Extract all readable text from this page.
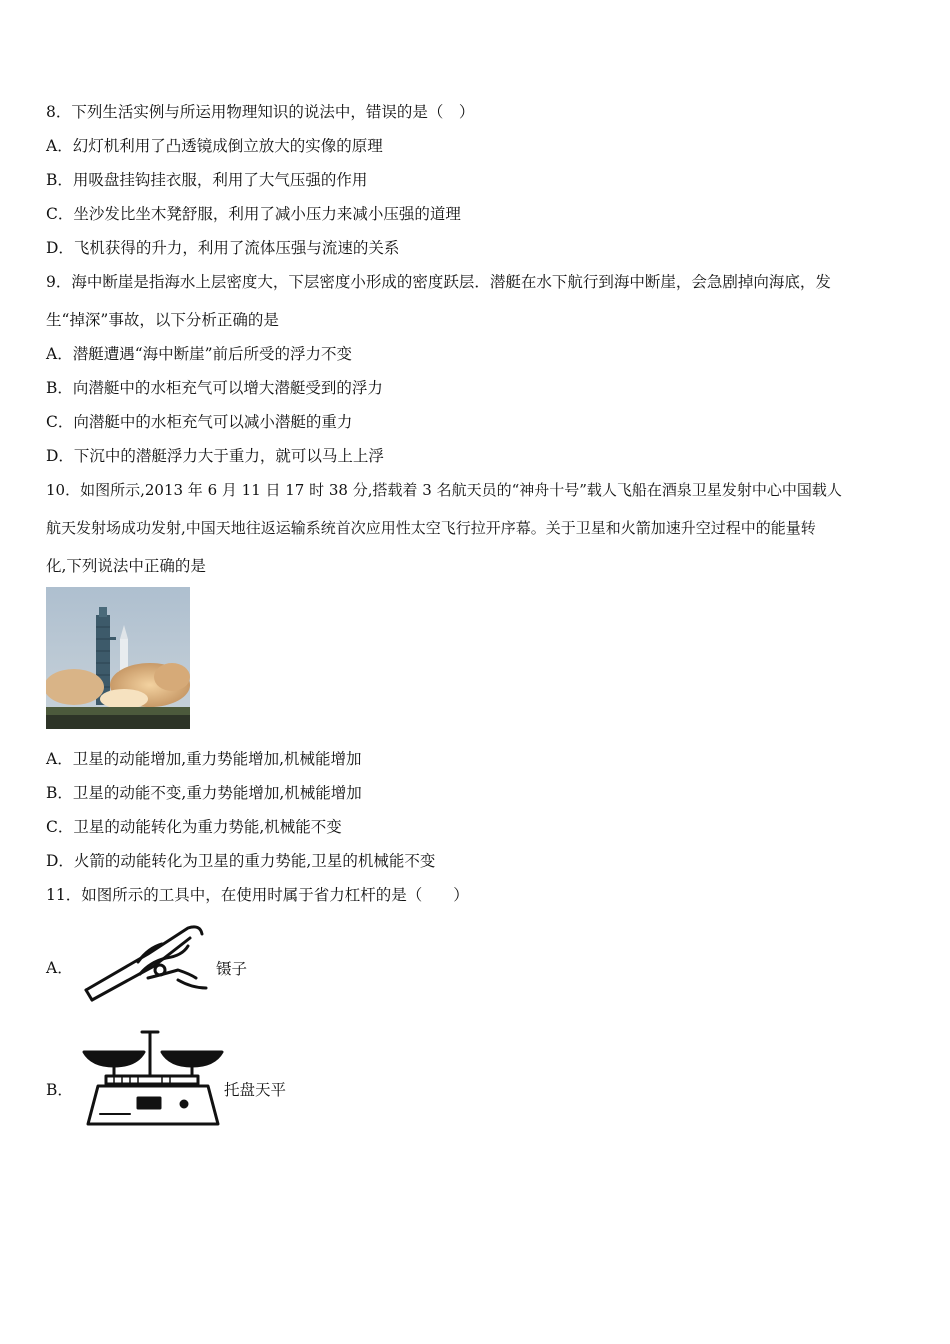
8．下列生活实例与所运用物理知识的说法中，错误的是（　）
A．幻灯机利用了凸透镜成倒立放大的实像的原理
B．用吸盘挂钩挂衣服，利用了大气压强的作用
C．坐沙发比坐木凳舒服，利用了减小压力来减小压强的道理
D．飞机获得的升力，利用了流体压强与流速的关系
9．海中断崖是指海水上层密度大，下层密度小形成的密度跃层．潜艇在水下航行到海中断崖，会急剧掉向海底，发
生“掉深”事故，以下分析正确的是
A．潜艇遭遇“海中断崖”前后所受的浮力不变
B．向潜艇中的水柜充气可以增大潜艇受到的浮力
C．向潜艇中的水柜充气可以减小潜艇的重力
D．下沉中的潜艇浮力大于重力，就可以马上上浮
10．如图所示,2013 年 6 月 11 日 17 时 38 分,搭载着 3 名航天员的“神舟十号”载人飞船在酒泉卫星发射中心中国载人
航天发射场成功发射,中国天地往返运输系统首次应用性太空飞行拉开序幕。关于卫星和火箭加速升空过程中的能量转
化,下列说法中正确的是
A．卫星的动能增加,重力势能增加,机械能增加
B．卫星的动能不变,重力势能增加,机械能增加
C．卫星的动能转化为重力势能,机械能不变
D．火箭的动能转化为卫星的重力势能,卫星的机械能不变
11．如图所示的工具中，在使用时属于省力杠杆的是（　　）
A．	镊子
B．	托盘天平
